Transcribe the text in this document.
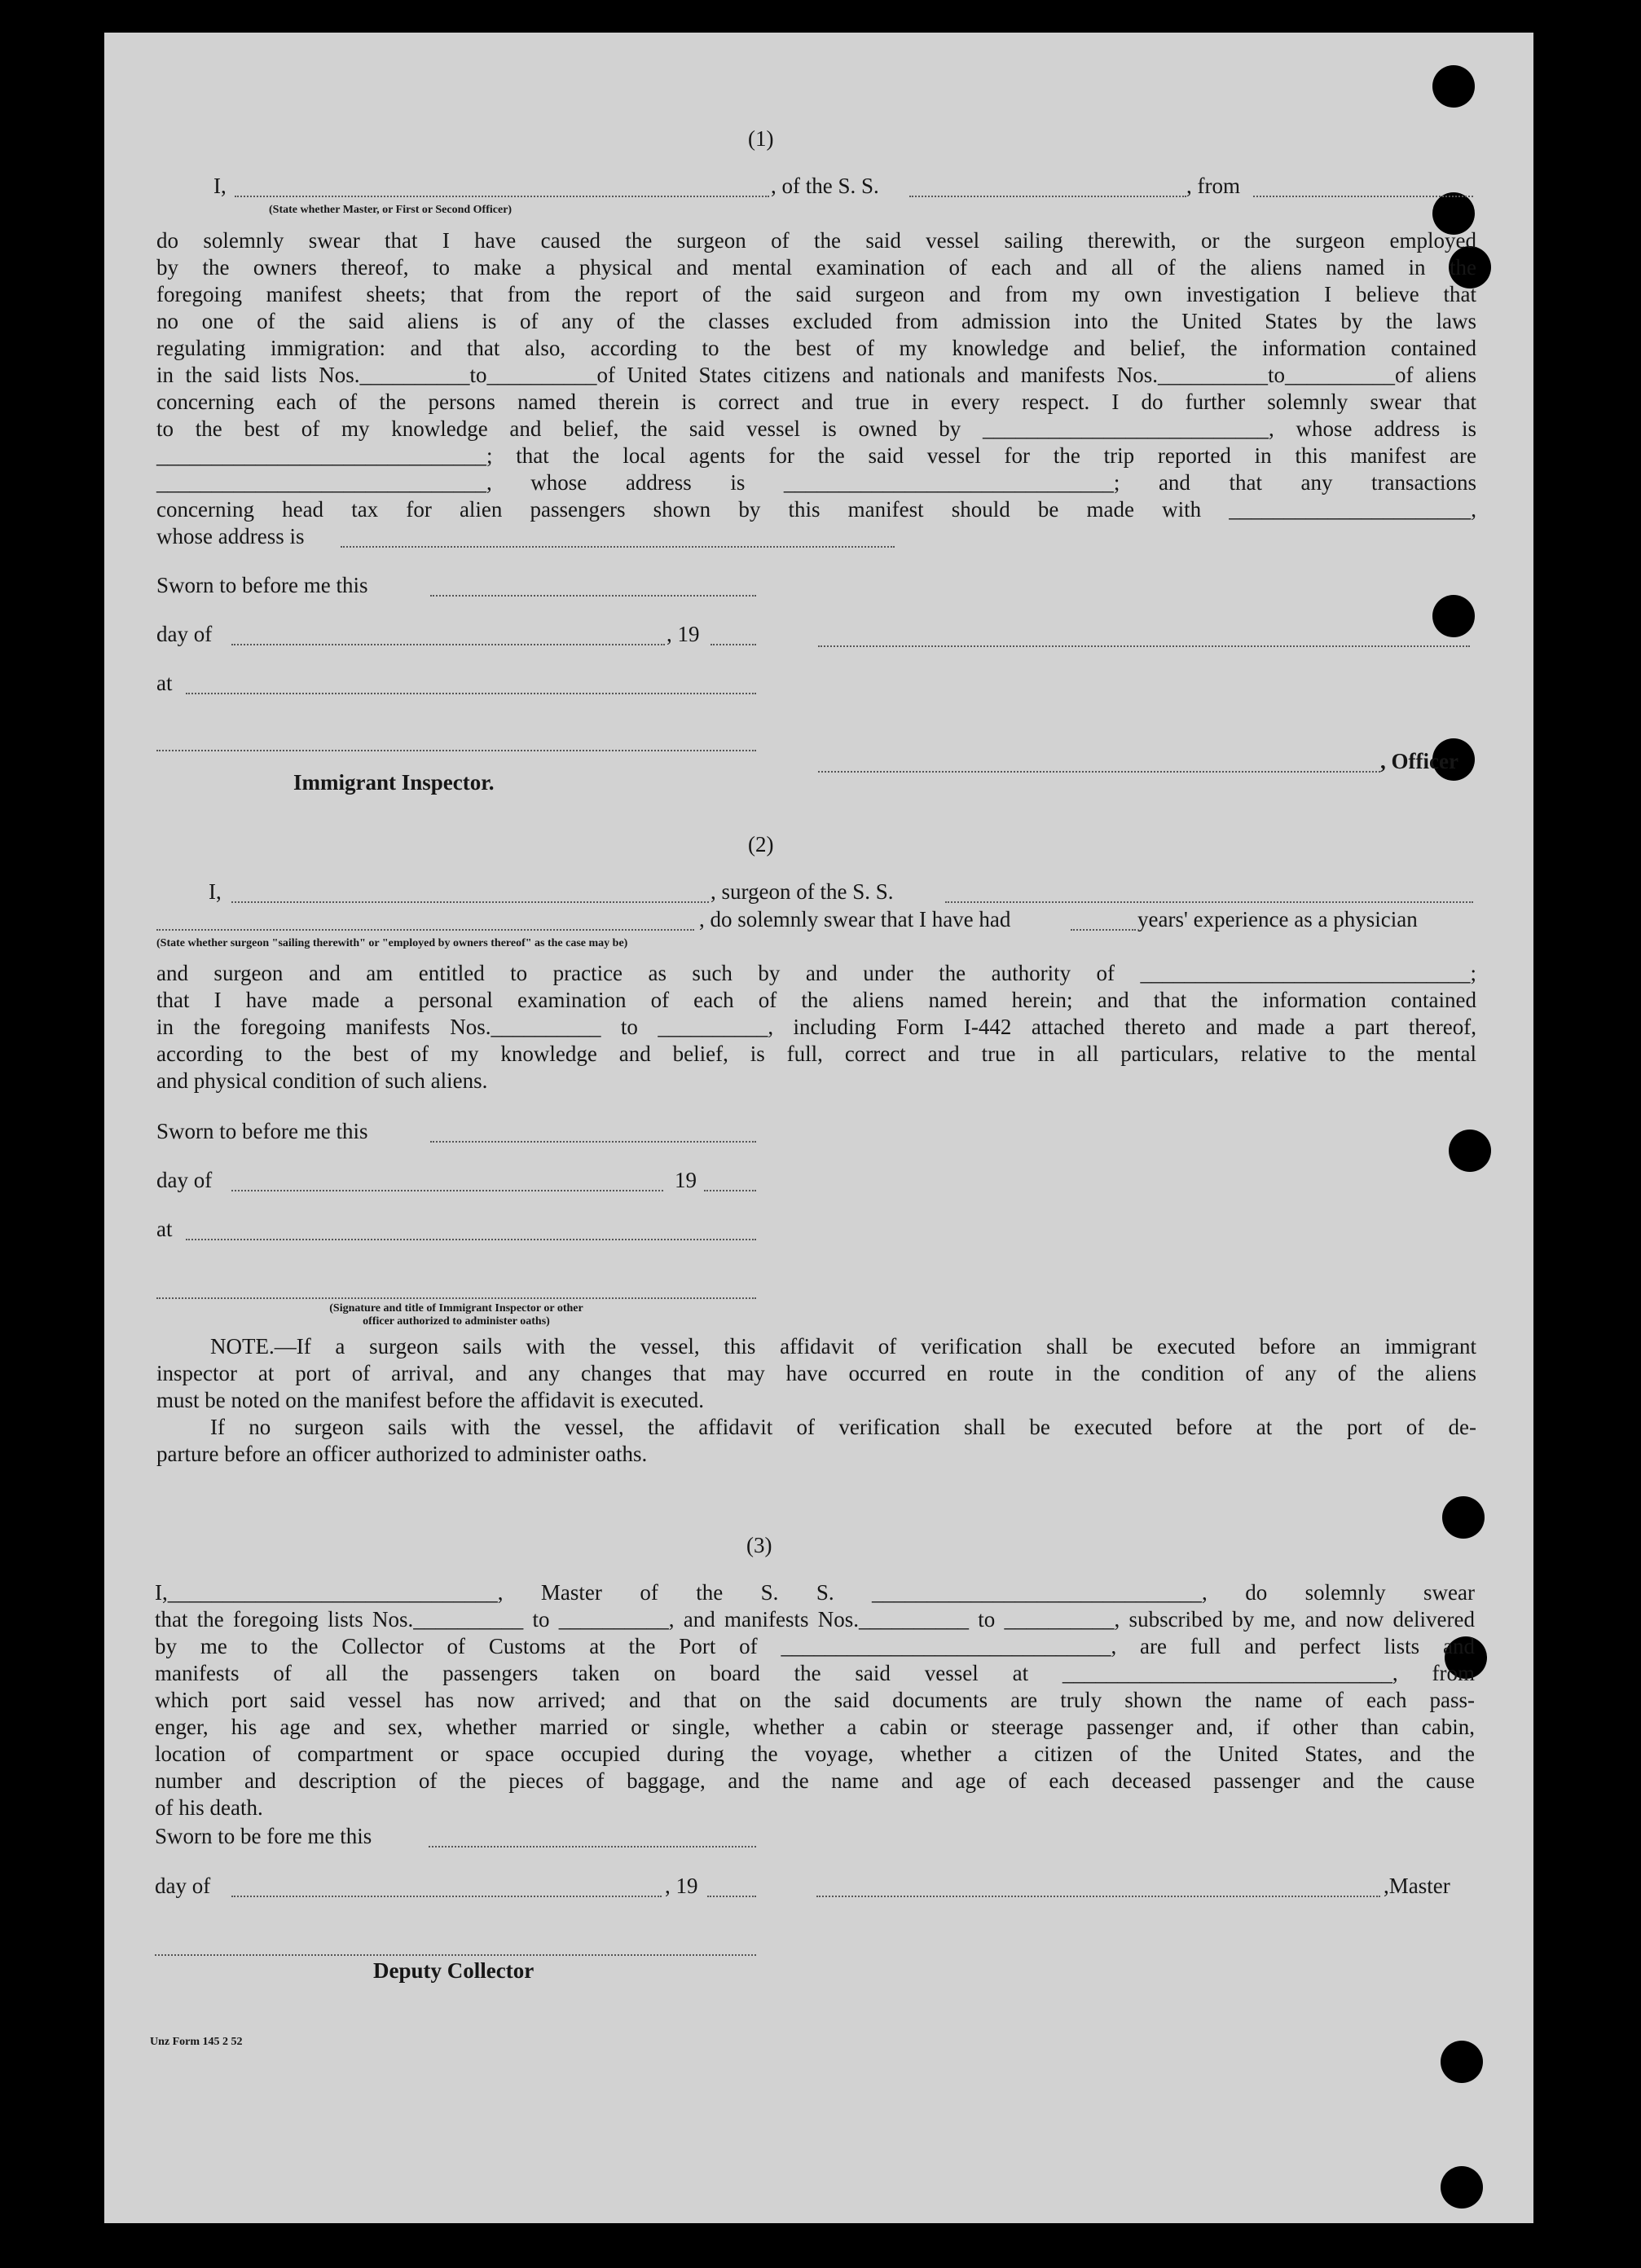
(1)
I,	, of the S. S.	, from
(State whether Master, or First or Second Officer)
do solemnly swear that I have caused the surgeon of the said vessel sailing therewith, or the surgeon employed
by the owners thereof, to make a physical and mental examination of each and all of the aliens named in the
foregoing manifest sheets; that from the report of the said surgeon and from my own investigation I believe that
no one of the said aliens is of any of the classes excluded from admission into the United States by the laws
regulating immigration: and that also, according to the best of my knowledge and belief, the information contained
in the said lists Nos.__________to__________of United States citizens and nationals and manifests Nos.__________to__________of aliens
concerning each of the persons named therein is correct and true in every respect. I do further solemnly swear that
to the best of my knowledge and belief, the said vessel is owned by __________________________, whose address is
______________________________; that the local agents for the said vessel for the trip reported in this manifest are
______________________________, whose address is ______________________________; and that any transactions
concerning head tax for alien passengers shown by this manifest should be made with ______________________,
whose address is
Sworn to before me this
day of	, 19
at
Immigrant Inspector.
, Officer
(2)
I,	, surgeon of the S. S.
, do solemnly swear that I have had	years' experience as a physician
(State whether surgeon "sailing therewith" or "employed by owners thereof" as the case may be)
and surgeon and am entitled to practice as such by and under the authority of ______________________________;
that I have made a personal examination of each of the aliens named herein; and that the information contained
in the foregoing manifests Nos.__________ to __________, including Form I-442 attached thereto and made a part thereof,
according to the best of my knowledge and belief, is full, correct and true in all particulars, relative to the mental
and physical condition of such aliens.
Sworn to before me this
day of	19
at
(Signature and title of Immigrant Inspector or other
officer authorized to administer oaths)
NOTE.—If a surgeon sails with the vessel, this affidavit of verification shall be executed before an immigrant
inspector at port of arrival, and any changes that may have occurred en route in the condition of any of the aliens
must be noted on the manifest before the affidavit is executed.
If no surgeon sails with the vessel, the affidavit of verification shall be executed before at the port of de-
parture before an officer authorized to administer oaths.
(3)
I,______________________________, Master of the S. S. ______________________________, do solemnly swear
that the foregoing lists Nos.__________ to __________, and manifests Nos.__________ to __________, subscribed by me, and now delivered
by me to the Collector of Customs at the Port of ______________________________, are full and perfect lists and
manifests of all the passengers taken on board the said vessel at ______________________________, from
which port said vessel has now arrived; and that on the said documents are truly shown the name of each pass-
enger, his age and sex, whether married or single, whether a cabin or steerage passenger and, if other than cabin,
location of compartment or space occupied during the voyage, whether a citizen of the United States, and the
number and description of the pieces of baggage, and the name and age of each deceased passenger and the cause
of his death.
Sworn to be fore me this
day of	, 19	,Master
Deputy Collector
Unz Form 145 2 52
